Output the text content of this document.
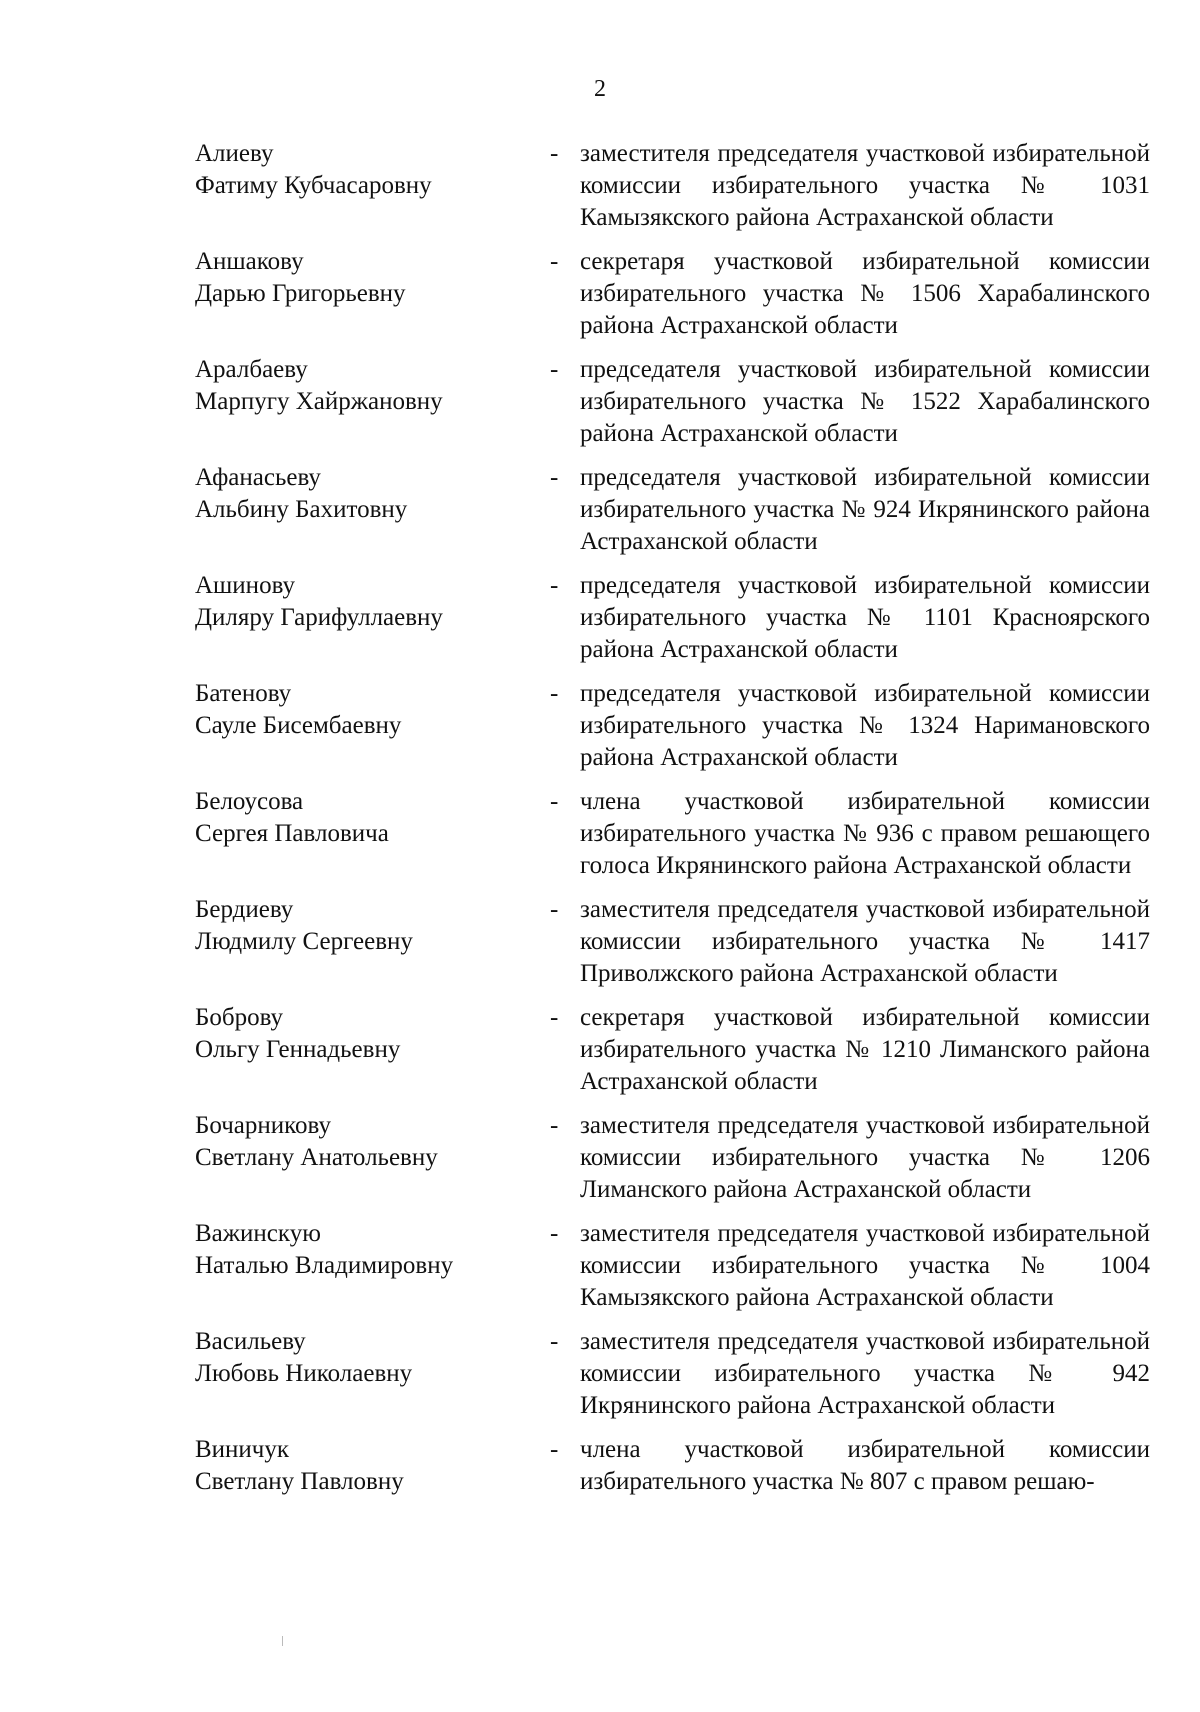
2
Алиеву
Фатиму Кубчасаровну
- заместителя председателя участковой избирательной комиссии избирательного участка № 1031 Камызякского района Астраханской области
Аншакову
Дарью Григорьевну
- секретаря участковой избирательной комиссии избирательного участка № 1506 Харабалинского района Астраханской области
Аралбаеву
Марпугу Хайржановну
- председателя участковой избирательной комиссии избирательного участка № 1522 Харабалинского района Астраханской области
Афанасьеву
Альбину Бахитовну
- председателя участковой избирательной комиссии избирательного участка № 924 Икрянинского района Астраханской области
Ашинову
Диляру Гарифуллаевну
- председателя участковой избирательной комиссии избирательного участка № 1101 Красноярского района Астраханской области
Батенову
Сауле Бисембаевну
- председателя участковой избирательной комиссии избирательного участка № 1324 Наримановского района Астраханской области
Белоусова
Сергея Павловича
- члена участковой избирательной комиссии избирательного участка № 936 с правом решающего голоса Икрянинского района Астраханской области
Бердиеву
Людмилу Сергеевну
- заместителя председателя участковой избирательной комиссии избирательного участка № 1417 Приволжского района Астраханской области
Боброву
Ольгу Геннадьевну
- секретаря участковой избирательной комиссии избирательного участка № 1210 Лиманского района Астраханской области
Бочарникову
Светлану Анатольевну
- заместителя председателя участковой избирательной комиссии избирательного участка № 1206 Лиманского района Астраханской области
Важинскую
Наталью Владимировну
- заместителя председателя участковой избирательной комиссии избирательного участка № 1004 Камызякского района Астраханской области
Васильеву
Любовь Николаевну
- заместителя председателя участковой избирательной комиссии избирательного участка № 942 Икрянинского района Астраханской области
Виничук
Светлану Павловну
- члена участковой избирательной комиссии избирательного участка № 807 с правом решаю-
